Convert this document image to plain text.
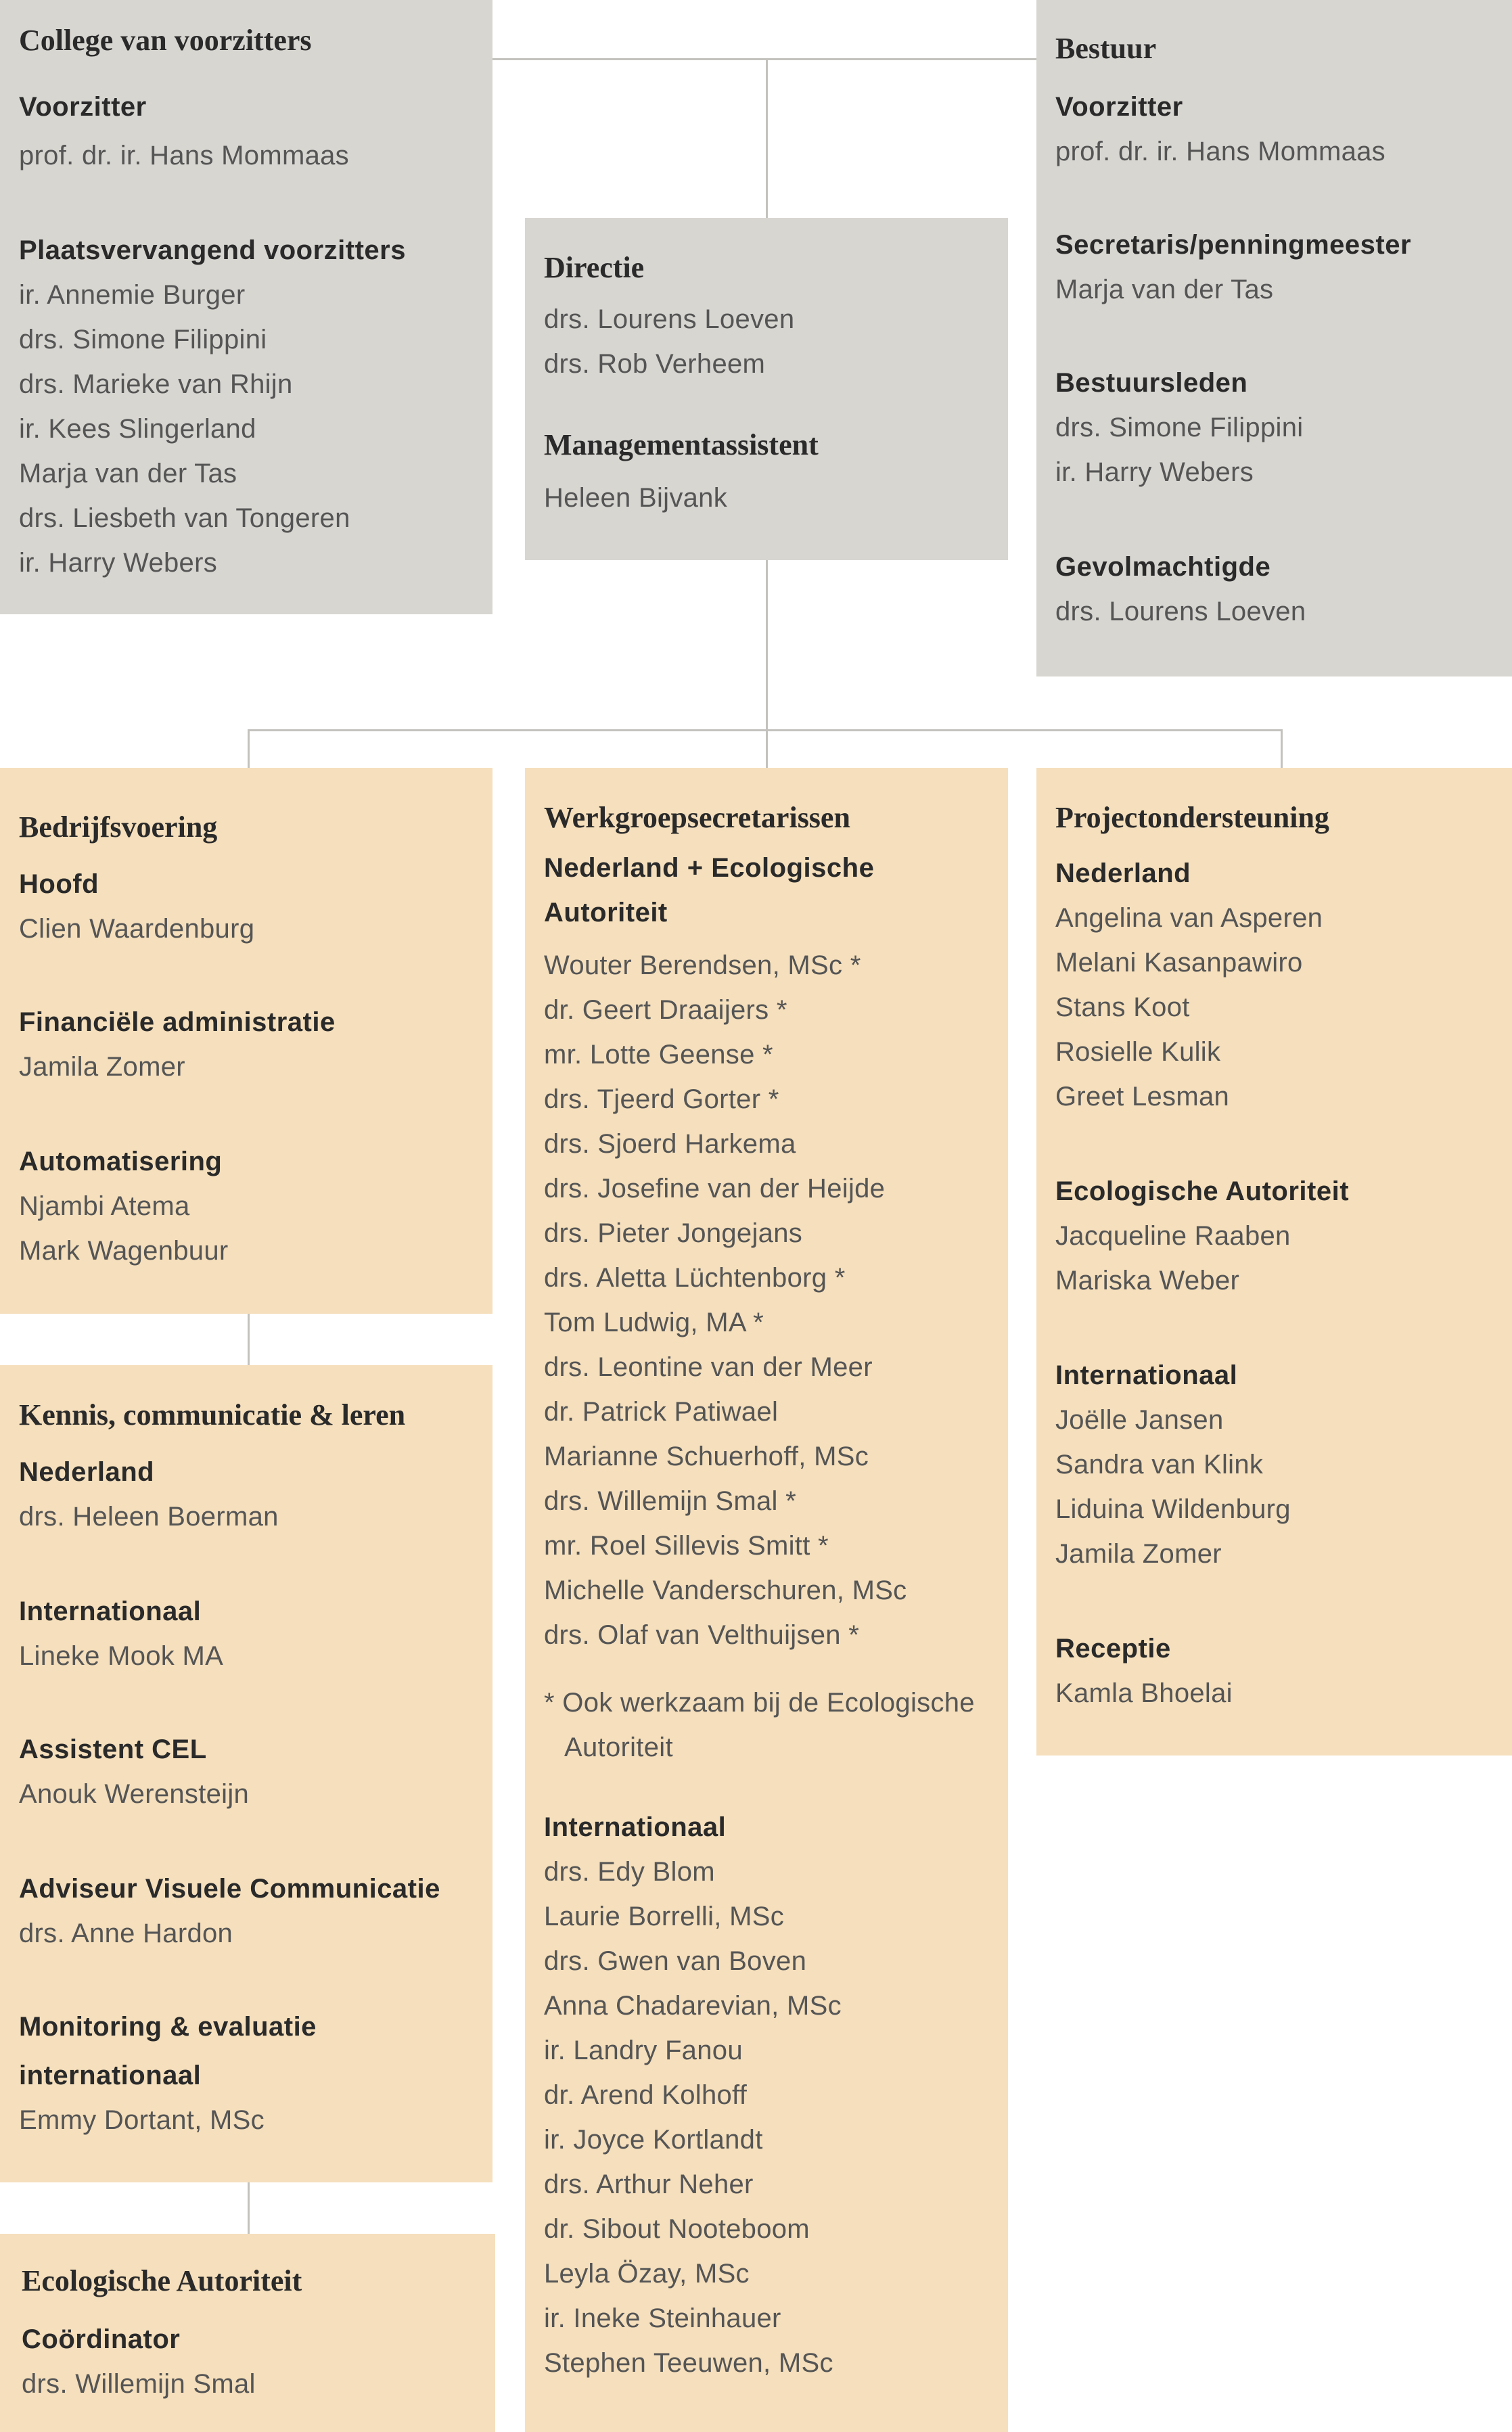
College van voorzitters
Voorzitter
prof. dr. ir. Hans Mommaas
Plaatsvervangend voorzitters
ir. Annemie Burger
drs. Simone Filippini
drs. Marieke van Rhijn
ir. Kees Slingerland
Marja van der Tas
drs. Liesbeth van Tongeren
ir. Harry Webers
Directie
drs. Lourens Loeven
drs. Rob Verheem
Managementassistent
Heleen Bijvank
Bestuur
Voorzitter
prof. dr. ir. Hans Mommaas
Secretaris/penningmeester
Marja van der Tas
Bestuursleden
drs. Simone Filippini
ir. Harry Webers
Gevolmachtigde
drs. Lourens Loeven
Bedrijfsvoering
Hoofd
Clien Waardenburg
Financiële administratie
Jamila Zomer
Automatisering
Njambi Atema
Mark Wagenbuur
Kennis, communicatie & leren
Nederland
drs. Heleen Boerman
Internationaal
Lineke Mook MA
Assistent CEL
Anouk Werensteijn
Adviseur Visuele Communicatie
drs. Anne Hardon
Monitoring & evaluatie
internationaal
Emmy Dortant, MSc
Ecologische Autoriteit
Coördinator
drs. Willemijn Smal
Werkgroepsecretarissen
Nederland + Ecologische
Autoriteit
Wouter Berendsen, MSc *
dr. Geert Draaijers *
mr. Lotte Geense *
drs. Tjeerd Gorter *
drs. Sjoerd Harkema
drs. Josefine van der Heijde
drs. Pieter Jongejans
drs. Aletta Lüchtenborg *
Tom Ludwig, MA *
drs. Leontine van der Meer
dr. Patrick Patiwael
Marianne Schuerhoff, MSc
drs. Willemijn Smal *
mr. Roel Sillevis Smitt *
Michelle Vanderschuren, MSc
drs. Olaf van Velthuijsen *
* Ook werkzaam bij de Ecologische
Autoriteit
Internationaal
drs. Edy Blom
Laurie Borrelli, MSc
drs. Gwen van Boven
Anna Chadarevian, MSc
ir. Landry Fanou
dr. Arend Kolhoff
ir. Joyce Kortlandt
drs. Arthur Neher
dr. Sibout Nooteboom
Leyla Özay, MSc
ir. Ineke Steinhauer
Stephen Teeuwen, MSc
Projectondersteuning
Nederland
Angelina van Asperen
Melani Kasanpawiro
Stans Koot
Rosielle Kulik
Greet Lesman
Ecologische Autoriteit
Jacqueline Raaben
Mariska Weber
Internationaal
Joëlle Jansen
Sandra van Klink
Liduina Wildenburg
Jamila Zomer
Receptie
Kamla Bhoelai
